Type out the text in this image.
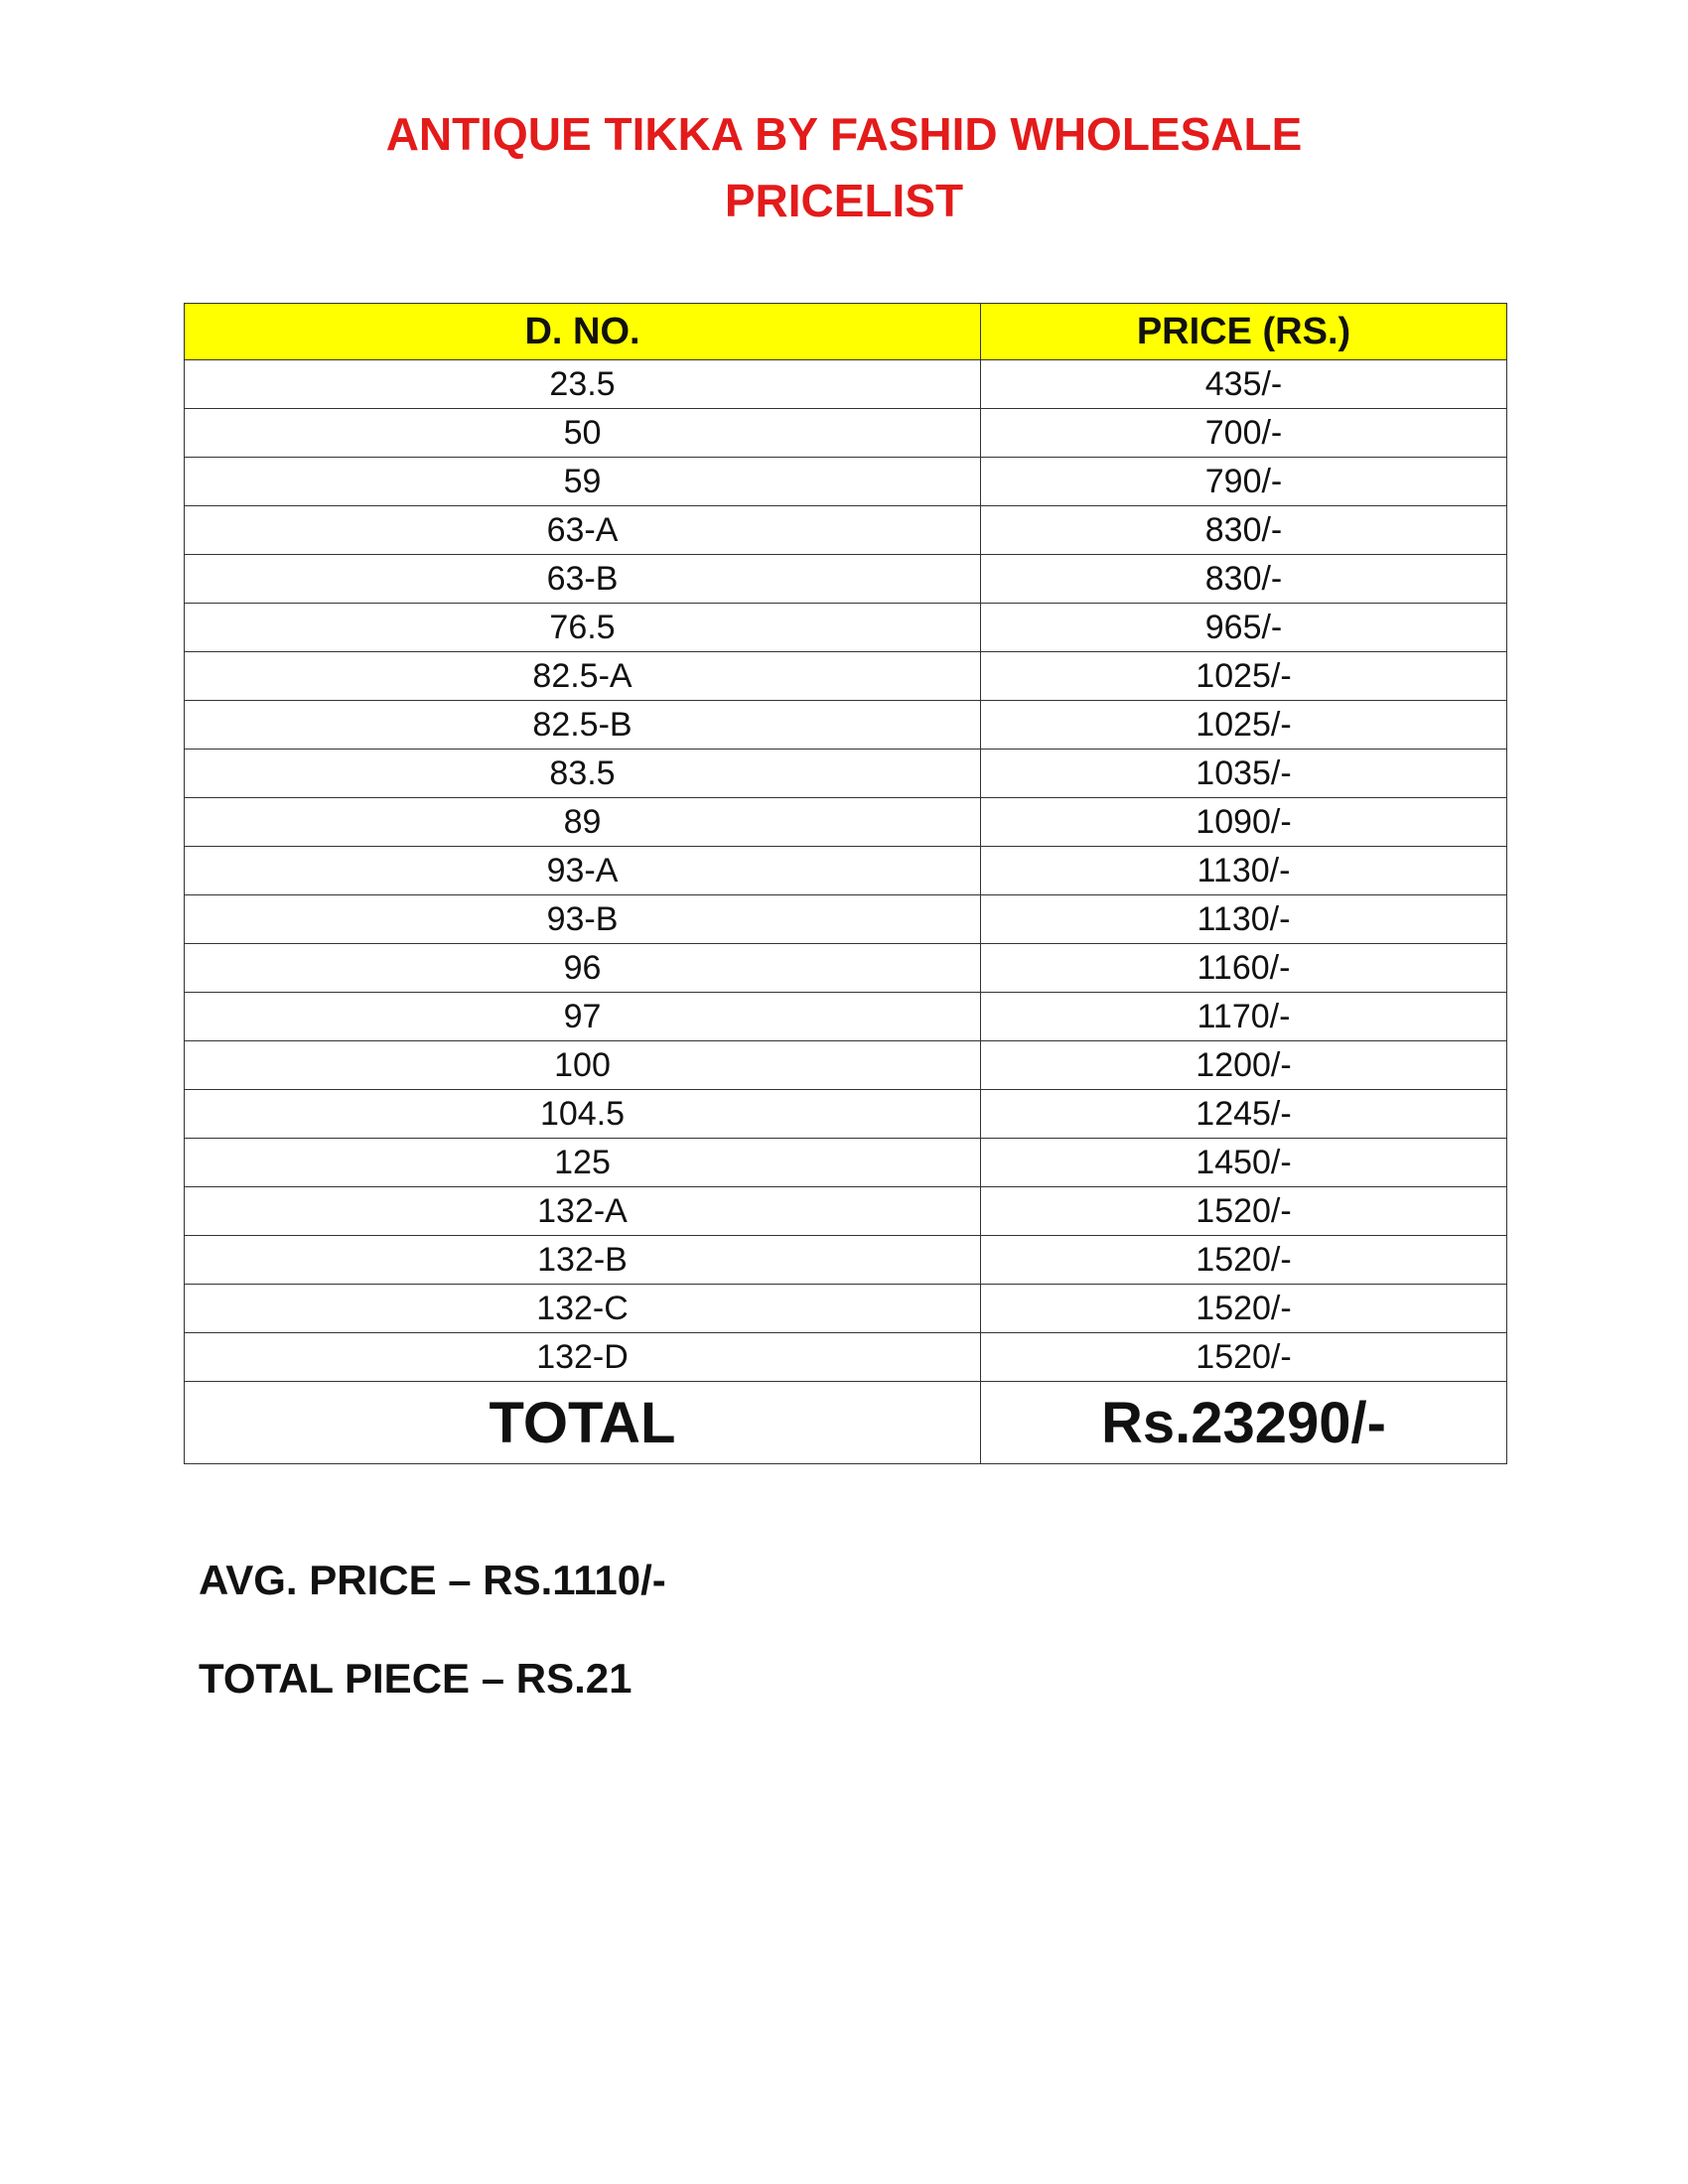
ANTIQUE TIKKA BY FASHID WHOLESALE
PRICELIST
D. NO.	PRICE (RS.)
23.5	435/-
50	700/-
59	790/-
63-A	830/-
63-B	830/-
76.5	965/-
82.5-A	1025/-
82.5-B	1025/-
83.5	1035/-
89	1090/-
93-A	1130/-
93-B	1130/-
96	1160/-
97	1170/-
100	1200/-
104.5	1245/-
125	1450/-
132-A	1520/-
132-B	1520/-
132-C	1520/-
132-D	1520/-
TOTAL	Rs.23290/-

AVG. PRICE – RS.1110/-

TOTAL PIECE – RS.21
